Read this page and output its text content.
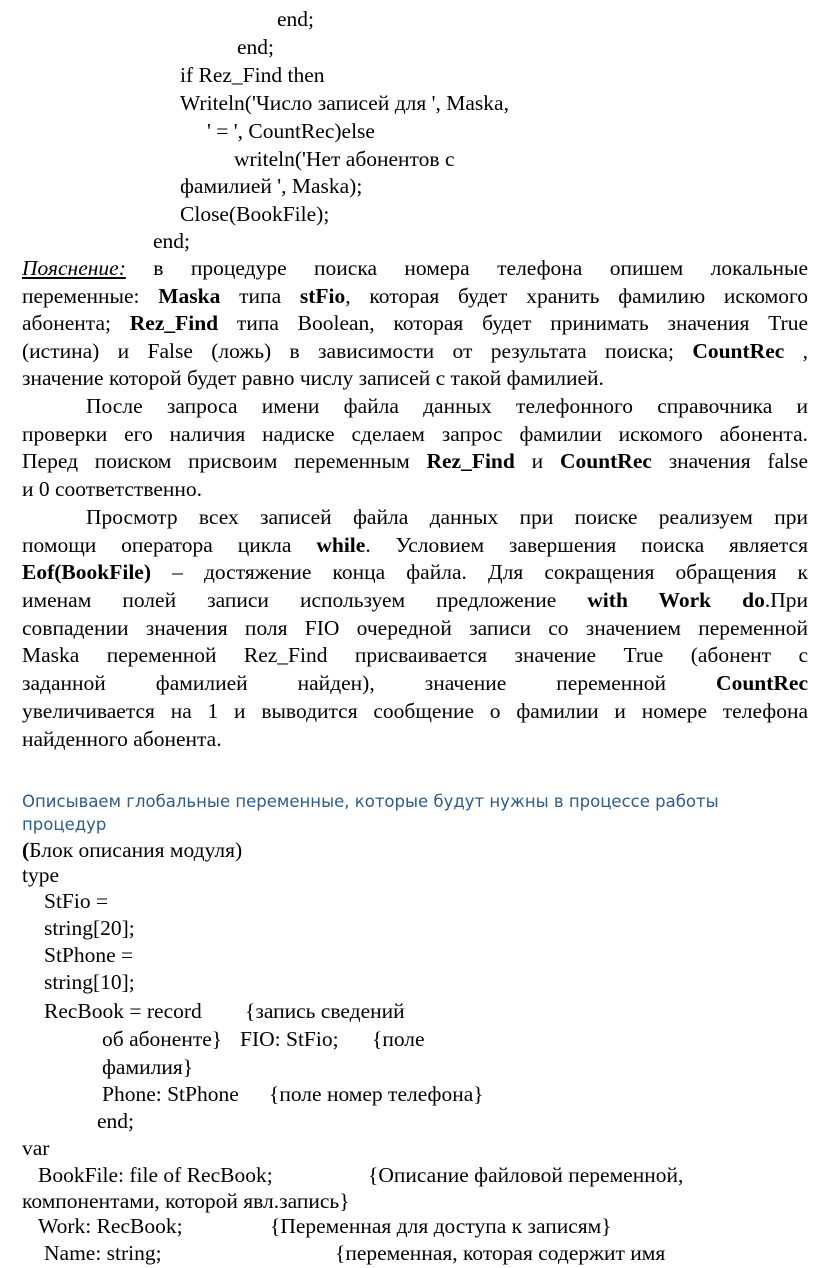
end;
end;
if Rez_Find then
Writeln('Число записей для ', Maska,
' = ', CountRec)else
writeln('Нет абонентов с
фамилией ', Maska);
Close(BookFile);
end;
Пояснение: в процедуре поиска номера телефона опишем локальные
переменные: Maska типа stFio, которая будет хранить фамилию искомого
абонента; Rez_Find типа Boolean, которая будет принимать значения True
(истина) и False (ложь) в зависимости от результата поиска; CountRec ,
значение которой будет равно числу записей с такой фамилией.
После запроса имени файла данных телефонного справочника и
проверки его наличия надиске сделаем запрос фамилии искомого абонента.
Перед поиском присвоим переменным Rez_Find и CountRec значения false
и 0 соответственно.
Просмотр всех записей файла данных при поиске реализуем при
помощи оператора цикла while. Условием завершения поиска является
Eof(BookFile) – достяжение конца файла. Для сокращения обращения к
именам полей записи используем предложение with Work do.При
совпадении значения поля FIO очередной записи со значением переменной
Maska переменной Rez_Find присваивается значение True (абонент с
заданной фамилией найден), значение переменной CountRec
увеличивается на 1 и выводится сообщение о фамилии и номере телефона
найденного абонента.
Описываем глобальные переменные, которые будут нужны в процессе работы
процедур
(Блок описания модуля)
type
StFio =
string[20];
StPhone =
string[10];
RecBook = record {запись сведений
об абоненте} FIO: StFio; {поле
фамилия}
Phone: StPhone {поле номер телефона}
end;
var
BookFile: file of RecBook;	{Описание файловой переменной,
компонентами, которой явл.запись}
Work: RecBook;	{Переменная для доступа к записям}
Name: string;	{переменная, которая содержит имя
